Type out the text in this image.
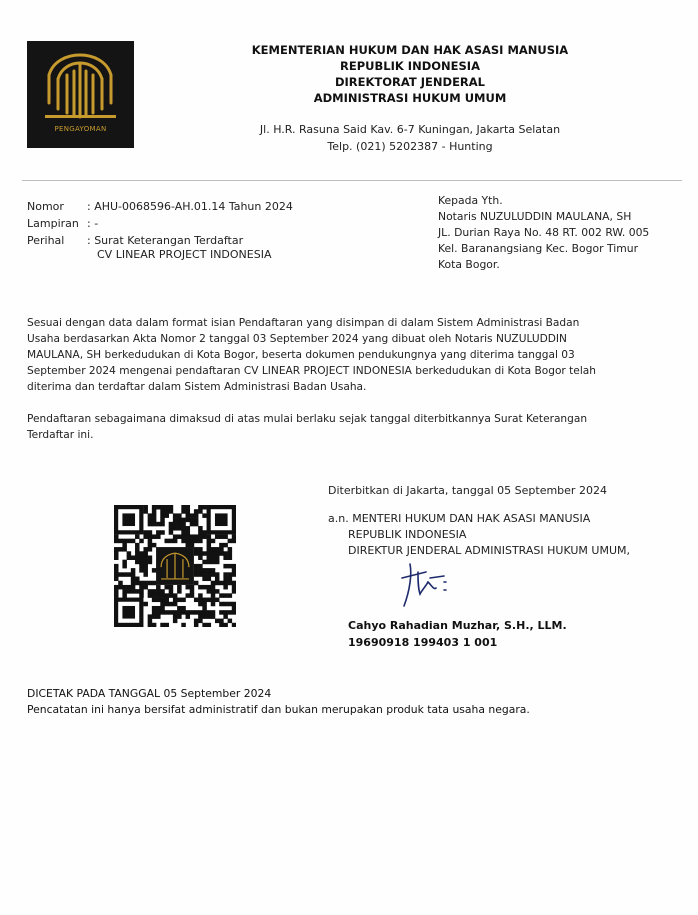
PENGAYOMAN
KEMENTERIAN HUKUM DAN HAK ASASI MANUSIA
REPUBLIK INDONESIA
DIREKTORAT JENDERAL
ADMINISTRASI HUKUM UMUM
Jl. H.R. Rasuna Said Kav. 6-7 Kuningan, Jakarta Selatan
Telp. (021) 5202387 - Hunting
Nomor : AHU-0068596-AH.01.14 Tahun 2024
Lampiran : -
Perihal : Surat Keterangan Terdaftar
CV LINEAR PROJECT INDONESIA
Kepada Yth.
Notaris NUZULUDDIN MAULANA, SH
JL. Durian Raya No. 48 RT. 002 RW. 005
Kel. Baranangsiang Kec. Bogor Timur
Kota Bogor.
Sesuai dengan data dalam format isian Pendaftaran yang disimpan di dalam Sistem Administrasi Badan
Usaha berdasarkan Akta Nomor 2 tanggal 03 September 2024 yang dibuat oleh Notaris NUZULUDDIN
MAULANA, SH berkedudukan di Kota Bogor, beserta dokumen pendukungnya yang diterima tanggal 03
September 2024 mengenai pendaftaran CV LINEAR PROJECT INDONESIA berkedudukan di Kota Bogor telah
diterima dan terdaftar dalam Sistem Administrasi Badan Usaha.
Pendaftaran sebagaimana dimaksud di atas mulai berlaku sejak tanggal diterbitkannya Surat Keterangan
Terdaftar ini.
Diterbitkan di Jakarta, tanggal 05 September 2024
a.n. MENTERI HUKUM DAN HAK ASASI MANUSIA
REPUBLIK INDONESIA
DIREKTUR JENDERAL ADMINISTRASI HUKUM UMUM,
Cahyo Rahadian Muzhar, S.H., LLM.
19690918 199403 1 001
DICETAK PADA TANGGAL 05 September 2024
Pencatatan ini hanya bersifat administratif dan bukan merupakan produk tata usaha negara.
